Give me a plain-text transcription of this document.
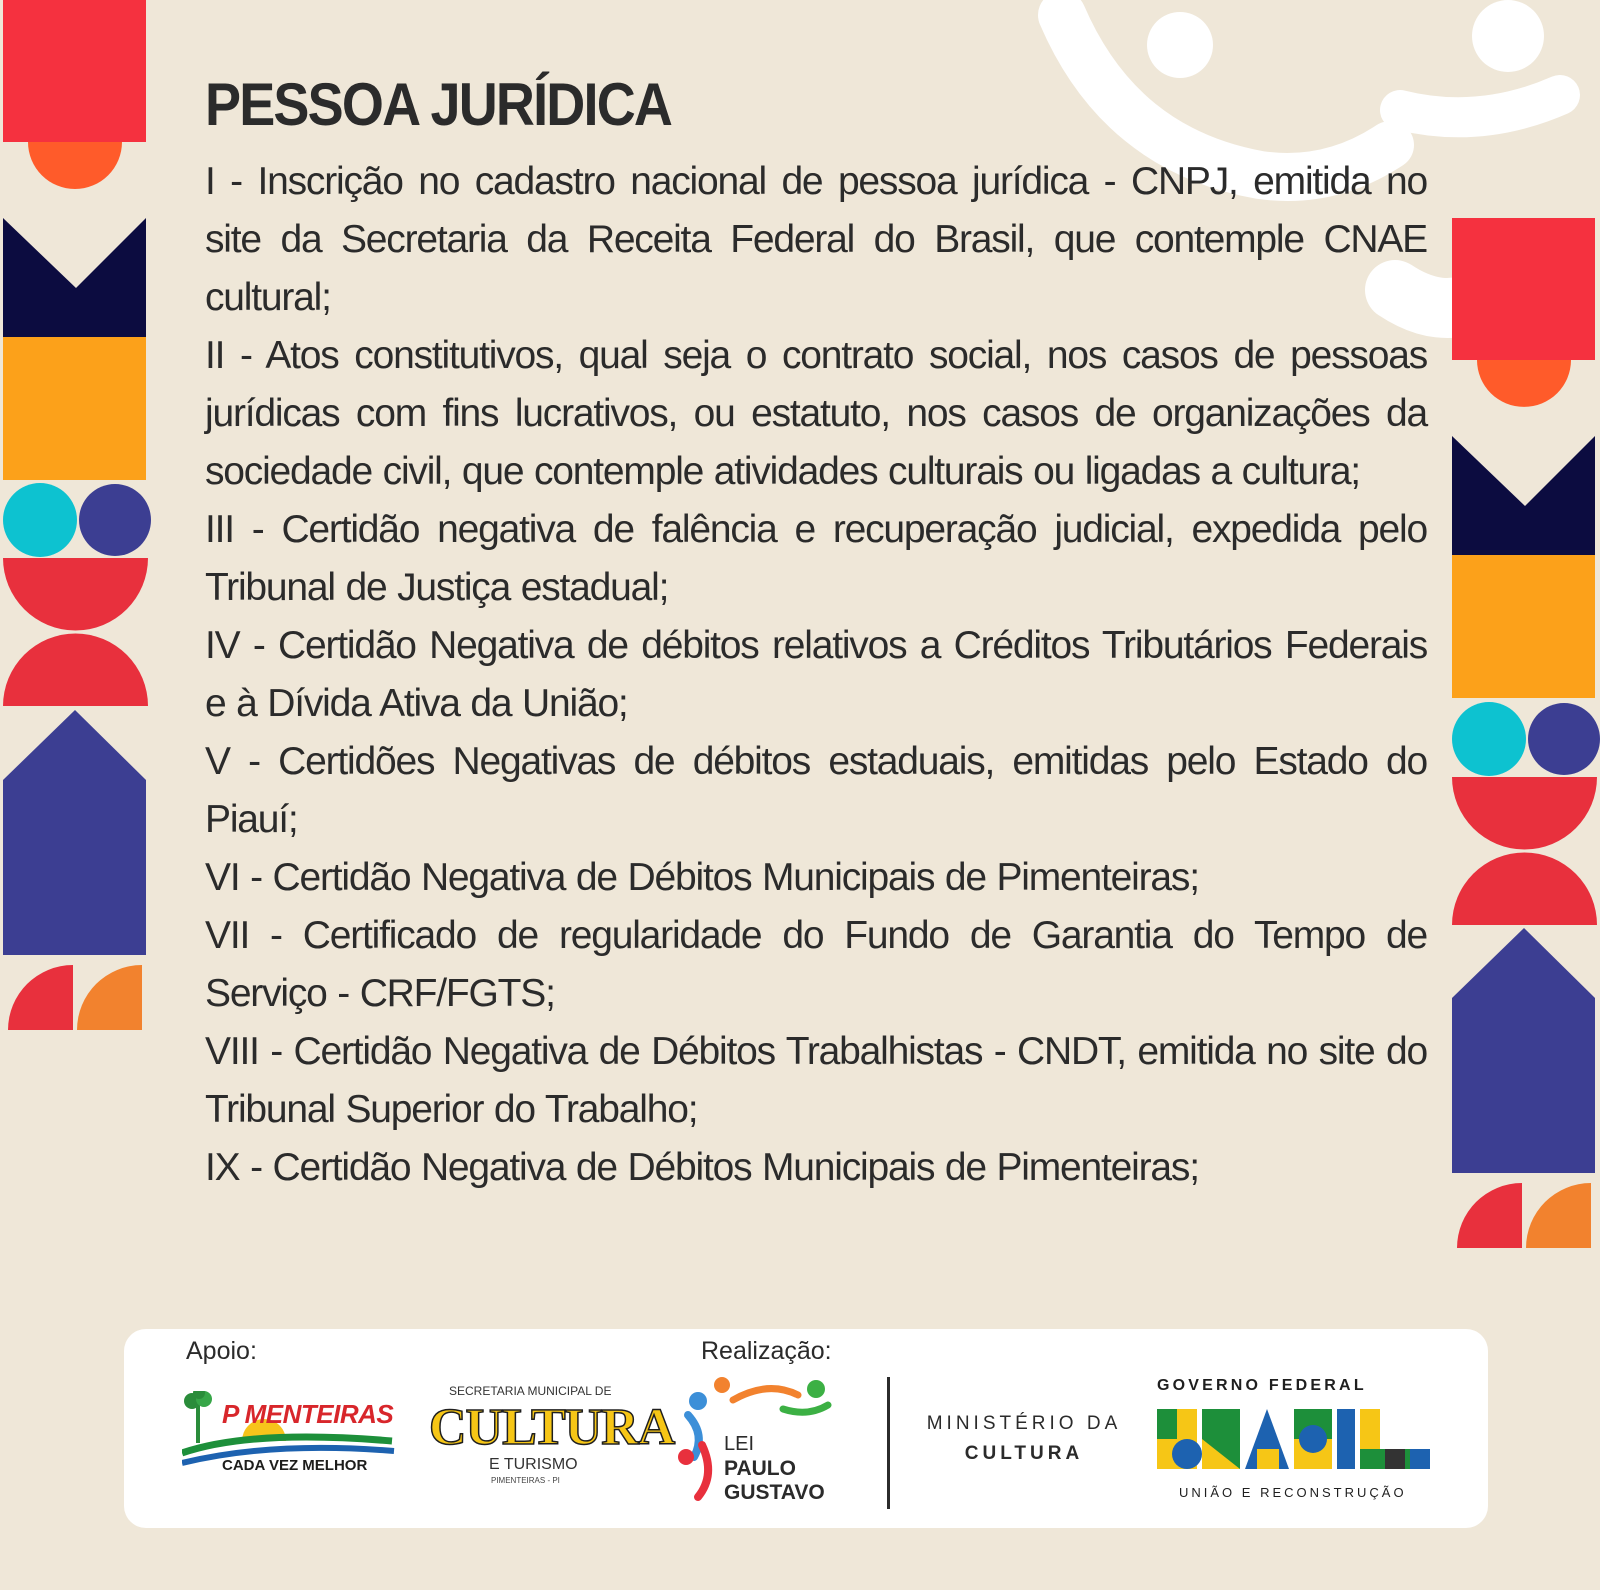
PESSOA JURÍDICA
I - Inscrição no cadastro nacional de pessoa jurídica - CNPJ, emitida no site da Secretaria da Receita Federal do Brasil, que contemple CNAE cultural;
II - Atos constitutivos, qual seja o contrato social, nos casos de pessoas jurídicas com fins lucrativos, ou estatuto, nos casos de organizações da sociedade civil, que contemple atividades culturais ou ligadas a cultura;
III - Certidão negativa de falência e recuperação judicial, expedida pelo Tribunal de Justiça estadual;
IV - Certidão Negativa de débitos relativos a Créditos Tributários Federais e à Dívida Ativa da União;
V - Certidões Negativas de débitos estaduais, emitidas pelo Estado do Piauí;
VI - Certidão Negativa de Débitos Municipais de Pimenteiras;
VII - Certificado de regularidade do Fundo de Garantia do Tempo de Serviço - CRF/FGTS;
VIII - Certidão Negativa de Débitos Trabalhistas - CNDT, emitida no site do Tribunal Superior do Trabalho;
IX - Certidão Negativa de Débitos Municipais de Pimenteiras;
Apoio:	Realização:
P MENTEIRAS
CADA VEZ MELHOR
SECRETARIA MUNICIPAL DE
CULTURA
E TURISMO
PIMENTEIRAS - PI
LEI
PAULO
GUSTAVO
MINISTÉRIO DA
CULTURA
GOVERNO FEDERAL
UNIÃO E RECONSTRUÇÃO
